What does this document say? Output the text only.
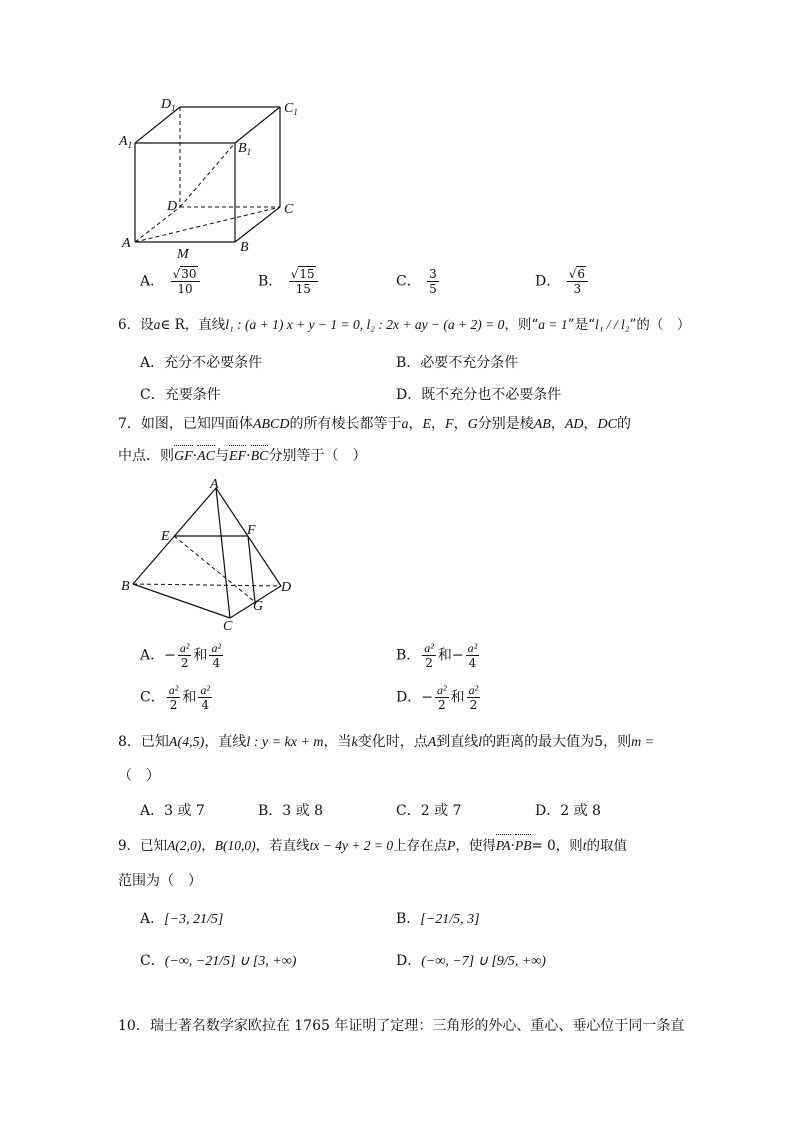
$D_1$	$C_1$
$A_1$	$B_1$
D	C
A
M	B
A． $\frac{√30}{10}$	B． $\frac{√15}{15}$	C． $\frac{3}{5}$	D． $\frac{√6}{3}$
6．设a∈ R，直线l₁ : (a + 1) x + y − 1 = 0, l₂ : 2x + ay − (a + 2) = 0，则“a = 1”是“l₁ / / l₂”的（　）
A．充分不必要条件	B．必要不充分条件
C．充要条件	D．既不充分也不必要条件
7．如图，已知四面体ABCD的所有棱长都等于a，E，F，G分别是棱AB，AD，DC的
中点．则GF·AC与EF·BC分别等于（　）
A
E	F
B	D
G
C
A．− $\frac{\text{a²}}{2}$ 和 $\frac{\text{a²}}{4}$	B． $\frac{\text{a²}}{2}$ 和− $\frac{\text{a²}}{4}$
C． $\frac{\text{a²}}{2}$ 和 $\frac{\text{a²}}{4}$	D．− $\frac{\text{a²}}{2}$ 和 $\frac{\text{a²}}{2}$
8．已知A(4,5)，直线l : y = kx + m，当k变化时，点A到直线l的距离的最大值为5，则m =
（　）
A．3 或 7	B．3 或 8	C．2 或 7	D．2 或 8
9．已知A(2,0)，B(10,0)，若直线tx − 4y + 2 = 0上存在点P，使得PA·PB= 0，则t的取值
范围为（　）
A．[−3, 21/5]	B．[−21/5, 3]
C．(−∞, −21/5] ∪ [3, +∞)	D．(−∞, −7] ∪ [9/5, +∞)
10．瑞士著名数学家欧拉在 1765 年证明了定理：三角形的外心、重心、垂心位于同一条直
